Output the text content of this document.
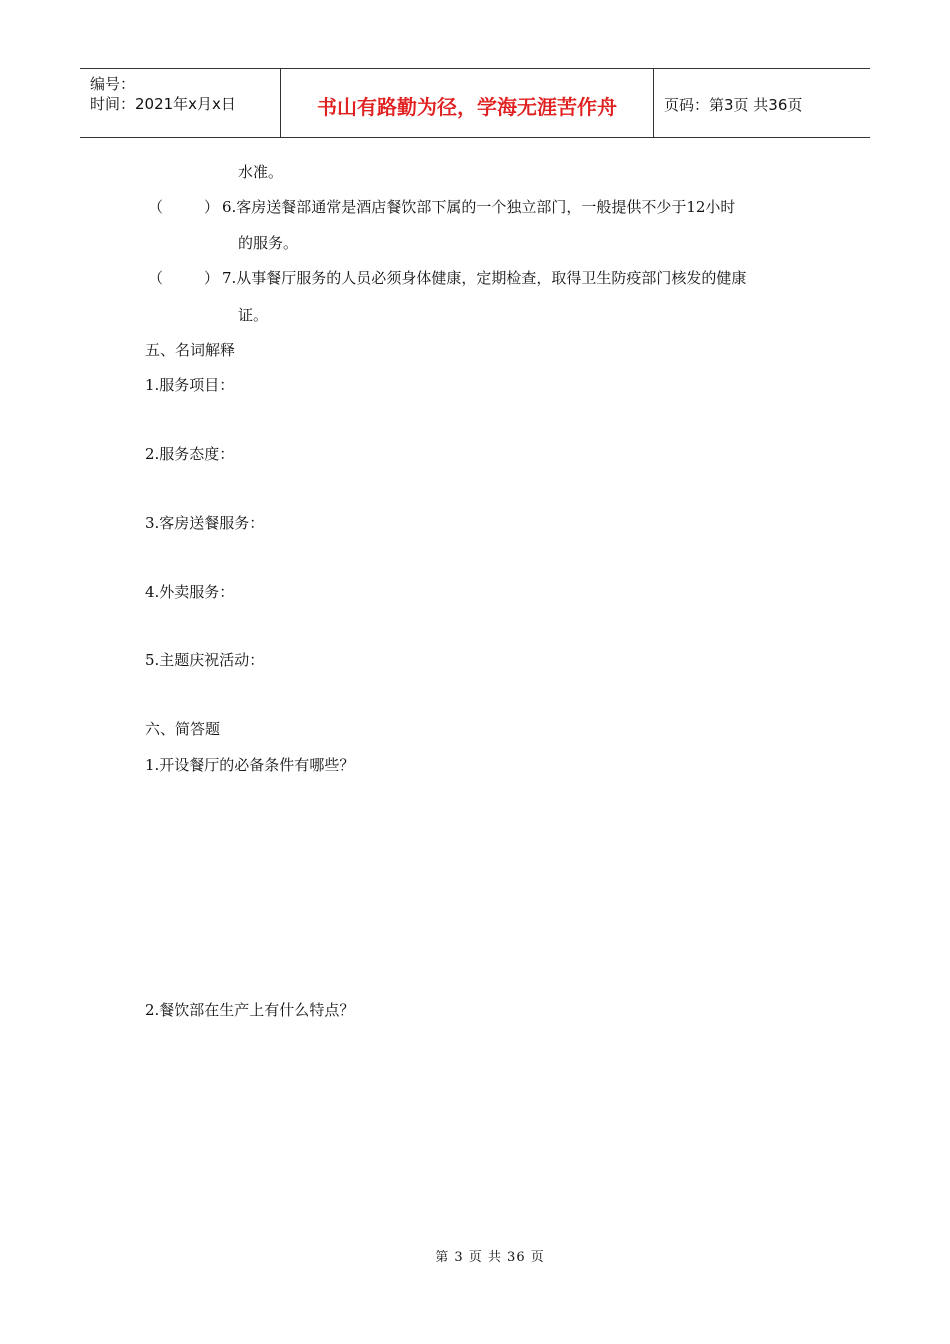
编号：
时间：2021年x月x日	书山有路勤为径，学海无涯苦作舟	页码：第3页 共36页
水准。
（	） 6.客房送餐部通常是酒店餐饮部下属的一个独立部门，一般提供不少于12小时
的服务。
（	） 7.从事餐厅服务的人员必须身体健康，定期检查，取得卫生防疫部门核发的健康
证。
五、名词解释
1.服务项目：
2.服务态度：
3.客房送餐服务：
4.外卖服务：
5.主题庆祝活动：
六、简答题
1.开设餐厅的必备条件有哪些？
2.餐饮部在生产上有什么特点？
第 3 页 共 36 页
